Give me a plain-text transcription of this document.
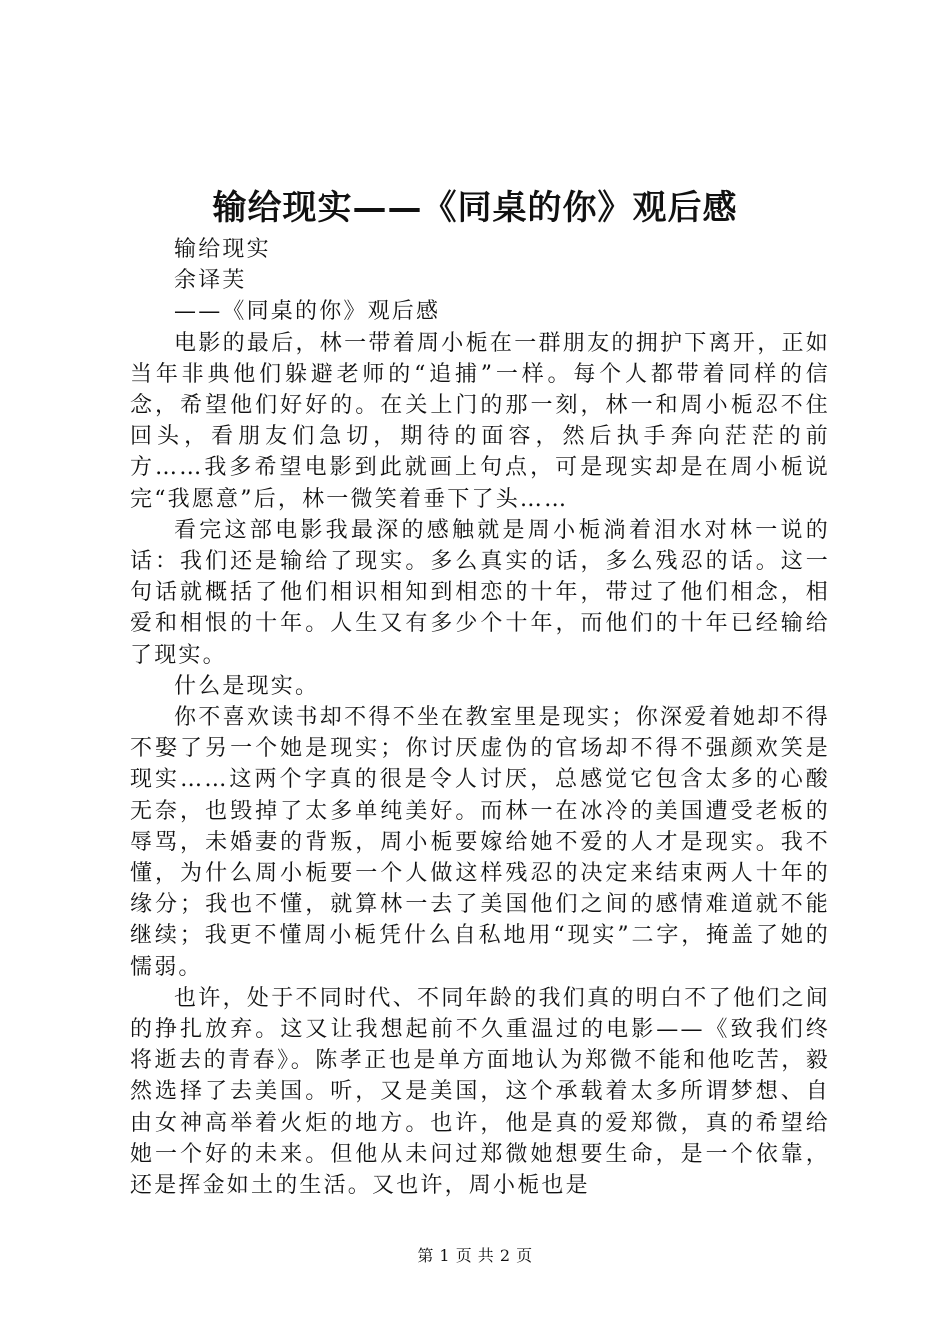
输给现实——《同桌的你》观后感

输给现实

余译芙

——《同桌的你》观后感

电影的最后，林一带着周小栀在一群朋友的拥护下离开，正如当年非典他们躲避老师的“追捕”一样。每个人都带着同样的信念，希望他们好好的。在关上门的那一刻，林一和周小栀忍不住回头，看朋友们急切，期待的面容，然后执手奔向茫茫的前方……我多希望电影到此就画上句点，可是现实却是在周小栀说完“我愿意”后，林一微笑着垂下了头……

看完这部电影我最深的感触就是周小栀淌着泪水对林一说的话：我们还是输给了现实。多么真实的话，多么残忍的话。这一句话就概括了他们相识相知到相恋的十年，带过了他们相念，相爱和相恨的十年。人生又有多少个十年，而他们的十年已经输给了现实。

什么是现实。

你不喜欢读书却不得不坐在教室里是现实；你深爱着她却不得不娶了另一个她是现实；你讨厌虚伪的官场却不得不强颜欢笑是现实……这两个字真的很是令人讨厌，总感觉它包含太多的心酸无奈，也毁掉了太多单纯美好。而林一在冰冷的美国遭受老板的辱骂，未婚妻的背叛，周小栀要嫁给她不爱的人才是现实。我不懂，为什么周小栀要一个人做这样残忍的决定来结束两人十年的缘分；我也不懂，就算林一去了美国他们之间的感情难道就不能继续；我更不懂周小栀凭什么自私地用“现实”二字，掩盖了她的懦弱。

也许，处于不同时代、不同年龄的我们真的明白不了他们之间的挣扎放弃。这又让我想起前不久重温过的电影——《致我们终将逝去的青春》。陈孝正也是单方面地认为郑微不能和他吃苦，毅然选择了去美国。听，又是美国，这个承载着太多所谓梦想、自由女神高举着火炬的地方。也许，他是真的爱郑微，真的希望给她一个好的未来。但他从未问过郑微她想要生命，是一个依靠，还是挥金如土的生活。又也许，周小栀也是

第 1 页 共 2 页
